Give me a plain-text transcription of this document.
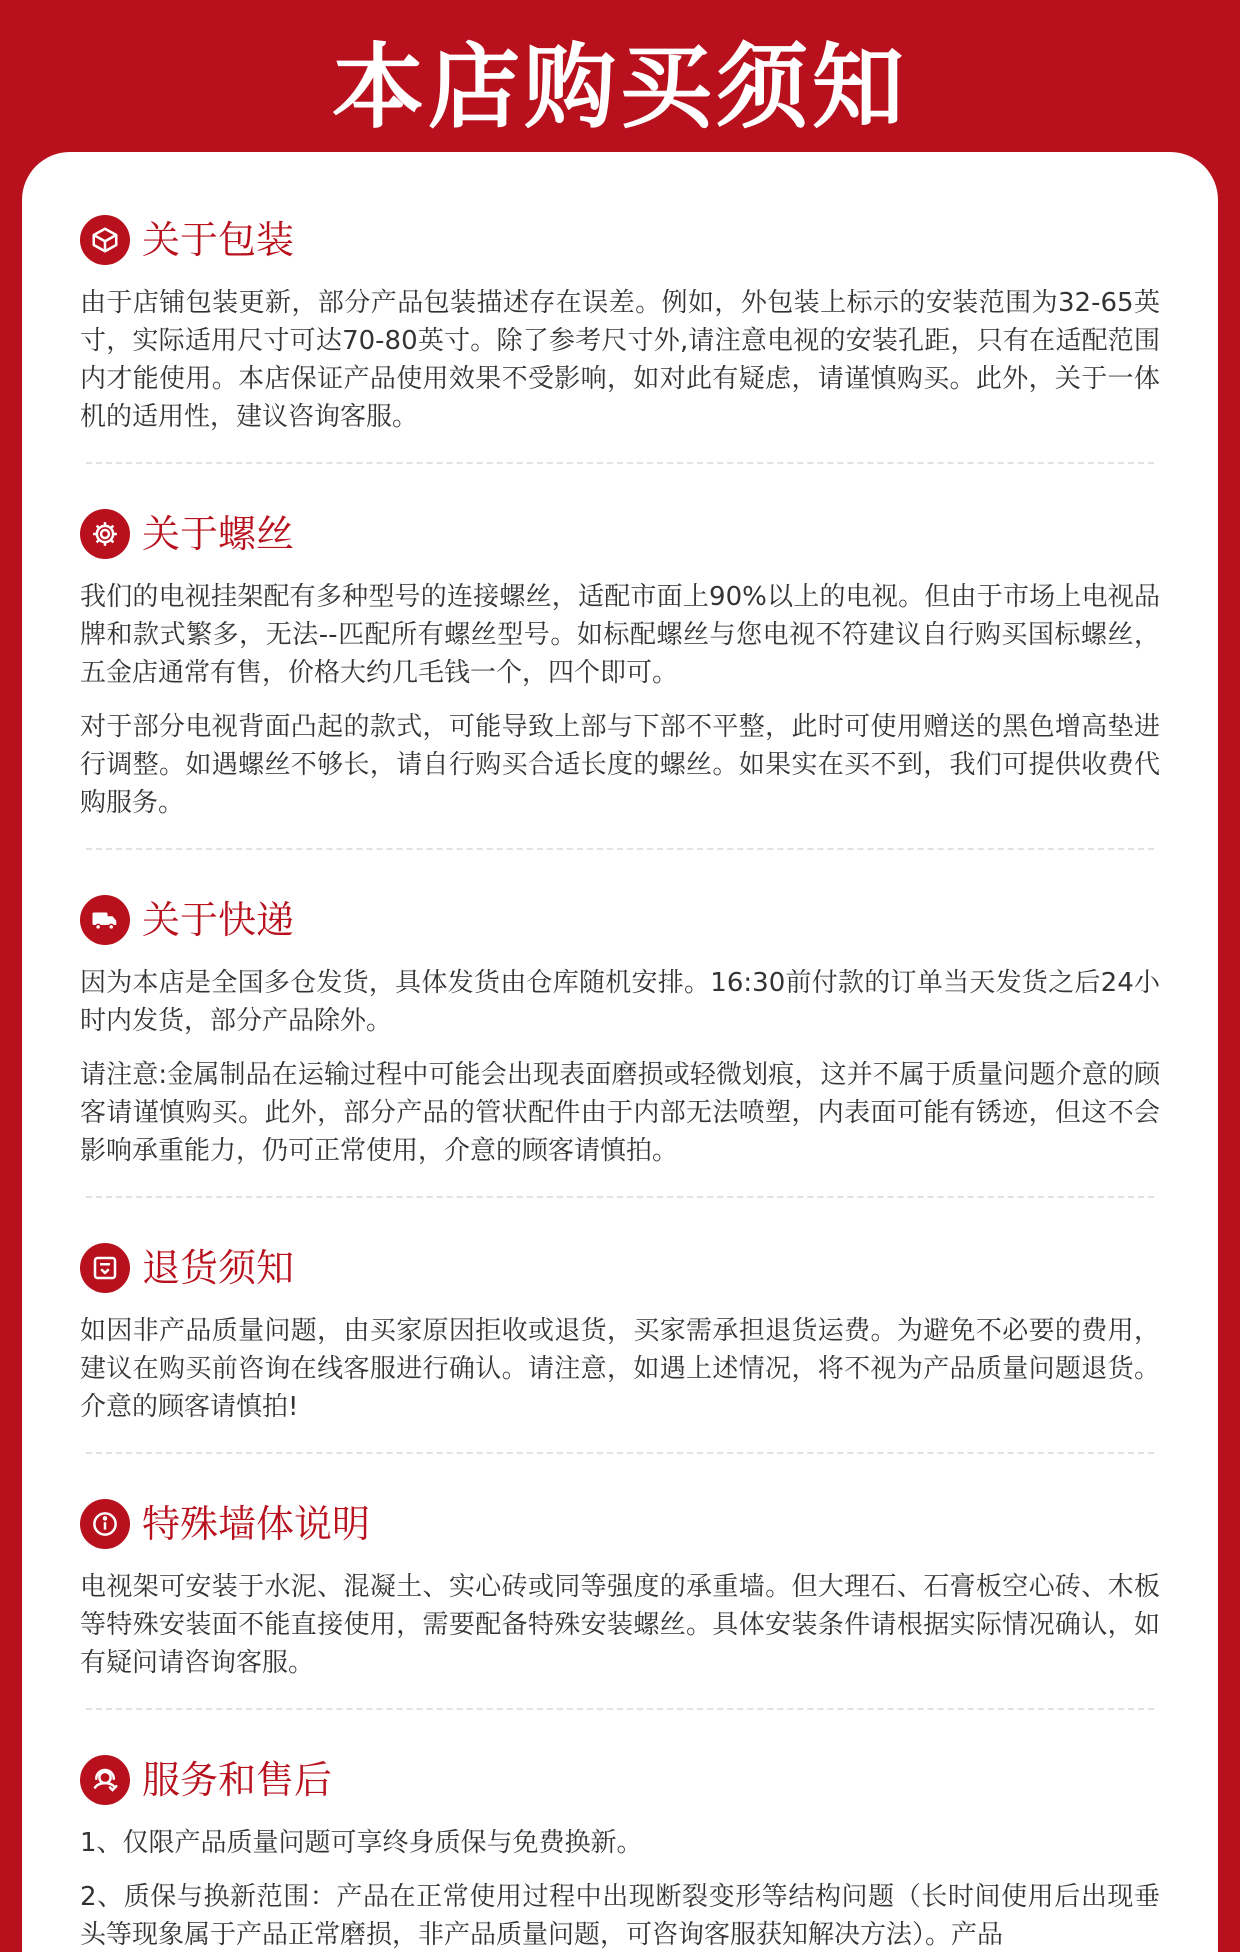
本店购买须知
关于包装

由于店铺包装更新，部分产品包装描述存在误差。例如，外包装上标示的安装范围为32-65英寸，实际适用尺寸可达70-80英寸。除了参考尺寸外,请注意电视的安装孔距，只有在适配范围内才能使用。本店保证产品使用效果不受影响，如对此有疑虑，请谨慎购买。此外，关于一体机的适用性，建议咨询客服。

关于螺丝

我们的电视挂架配有多种型号的连接螺丝，适配市面上90%以上的电视。但由于市场上电视品牌和款式繁多，无法--匹配所有螺丝型号。如标配螺丝与您电视不符建议自行购买国标螺丝，五金店通常有售，价格大约几毛钱一个，四个即可。

对于部分电视背面凸起的款式，可能导致上部与下部不平整，此时可使用赠送的黑色增高垫进行调整。如遇螺丝不够长，请自行购买合适长度的螺丝。如果实在买不到，我们可提供收费代购服务。

关于快递

因为本店是全国多仓发货，具体发货由仓库随机安排。16:30前付款的订单当天发货之后24小时内发货，部分产品除外。

请注意:金属制品在运输过程中可能会出现表面磨损或轻微划痕，这并不属于质量问题介意的顾客请谨慎购买。此外，部分产品的管状配件由于内部无法喷塑，内表面可能有锈迹，但这不会影响承重能力，仍可正常使用，介意的顾客请慎拍。

退货须知

如因非产品质量问题，由买家原因拒收或退货，买家需承担退货运费。为避免不必要的费用，建议在购买前咨询在线客服进行确认。请注意，如遇上述情况，将不视为产品质量问题退货。介意的顾客请慎拍!

特殊墙体说明

电视架可安装于水泥、混凝土、实心砖或同等强度的承重墙。但大理石、石膏板空心砖、木板等特殊安装面不能直接使用，需要配备特殊安装螺丝。具体安装条件请根据实际情况确认，如有疑问请咨询客服。

服务和售后

1、仅限产品质量问题可享终身质保与免费换新。

2、质保与换新范围：产品在正常使用过程中出现断裂变形等结构问题（长时间使用后出现垂头等现象属于产品正常磨损，非产品质量问题，可咨询客服获知解决方法）。产品
